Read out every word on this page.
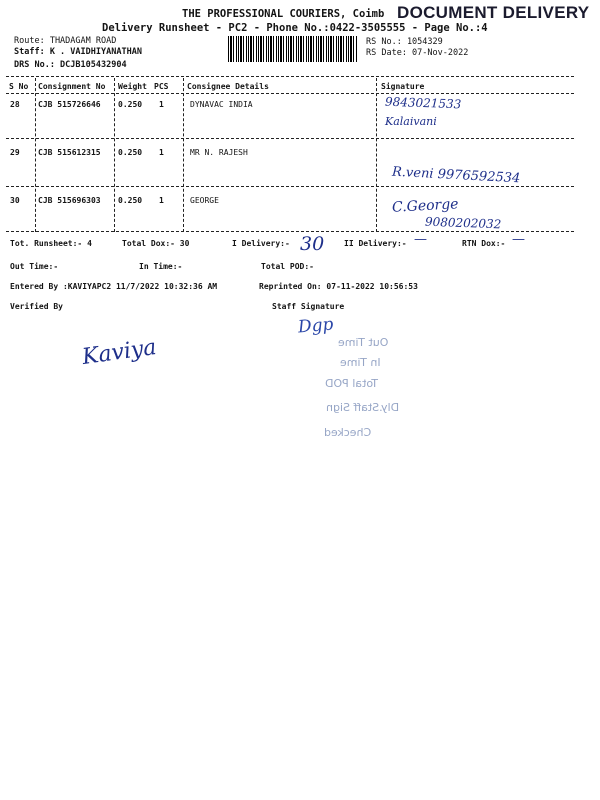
THE PROFESSIONAL COURIERS, Coimb DOCUMENT DELIVERY
Delivery Runsheet - PC2 - Phone No.:0422-3505555 - Page No.:4
Route: THADAGAM ROAD
Staff: K . VAIDHIYANATHAN
DRS No.: DCJB105432904
RS No.: 1054329
RS Date: 07-Nov-2022
S No Consignment No Weight PCS Consignee Details	Signature
28 CJB 515726646 0.250 1	DYNAVAC INDIA	9843021533
Kalaivani
29 CJB 515612315 0.250 1	MR N. RAJESH
R.veni 9976592534
30 CJB 515696303 0.250 1	GEORGE	C.George
9080202032
Tot. Runsheet:- 4	Total Dox:- 30	I Delivery:- 30 II Delivery:- —	RTN Dox:- —
Out Time:-	In Time:-	Total POD:-
Entered By :KAVIYAPC2 11/7/2022 10:32:36 AM	Reprinted On: 07-11-2022 10:56:53
Verified By	Staff Signature
Kaviya
Dgp
Out Time
In Time
Total POD
Dly.Staff Sign
Checked
